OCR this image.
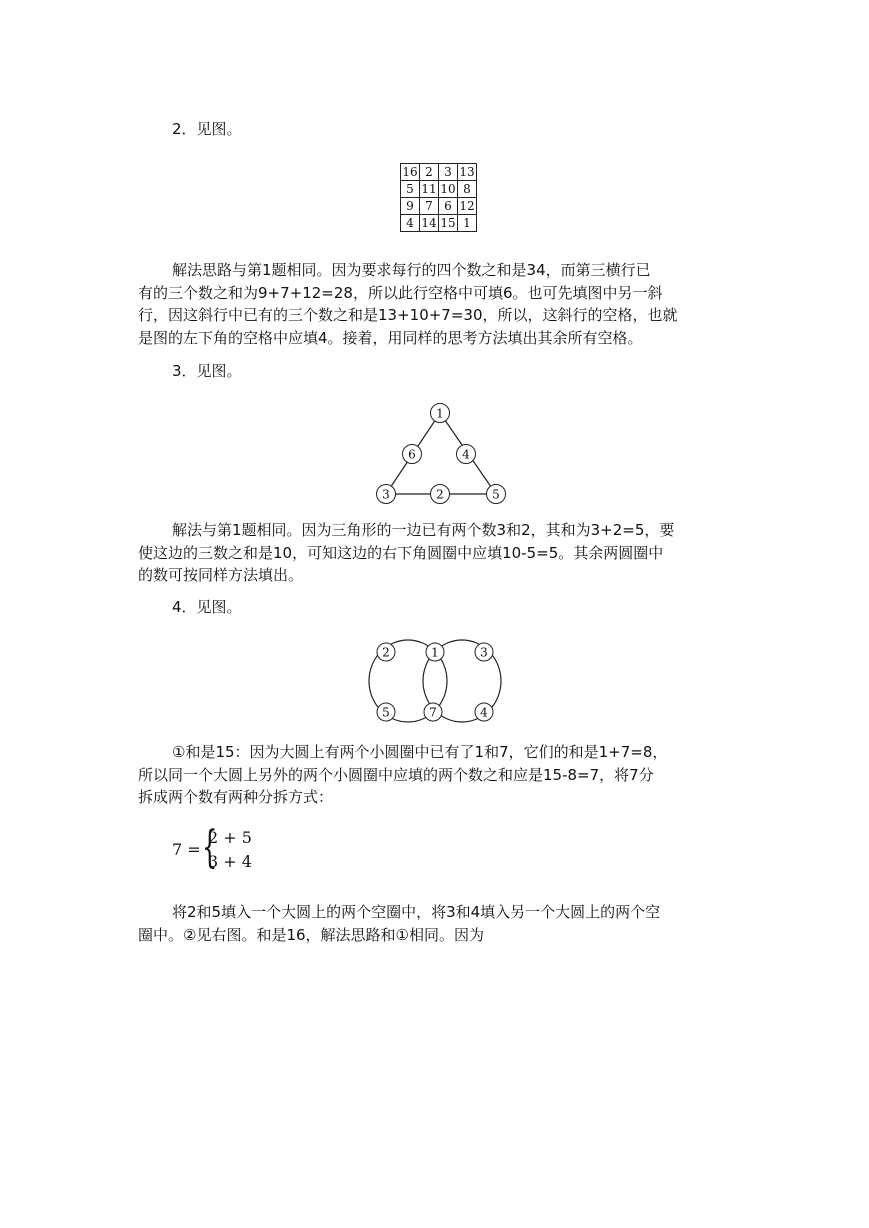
2．见图。
16	2	3	13
5	11	10	8
9	7	6	12
4	14	15	1
解法思路与第1题相同。因为要求每行的四个数之和是34，而第三横行已
有的三个数之和为9+7+12=28，所以此行空格中可填6。也可先填图中另一斜
行，因这斜行中已有的三个数之和是13+10+7=30，所以，这斜行的空格，也就
是图的左下角的空格中应填4。接着，用同样的思考方法填出其余所有空格。
3．见图。
1
6	4
3	2	5
解法与第1题相同。因为三角形的一边已有两个数3和2，其和为3+2=5，要
使这边的三数之和是10，可知这边的右下角圆圈中应填10-5=5。其余两圆圈中
的数可按同样方法填出。
4．见图。
2	1	3
5	7	4
①和是15：因为大圆上有两个小圆圈中已有了1和7，它们的和是1+7=8，
所以同一个大圆上另外的两个小圆圈中应填的两个数之和应是15-8=7，将7分
拆成两个数有两种分拆方式：
7 = {
2 + 5
3 + 4
将2和5填入一个大圆上的两个空圈中，将3和4填入另一个大圆上的两个空
圈中。②见右图。和是16，解法思路和①相同。因为
